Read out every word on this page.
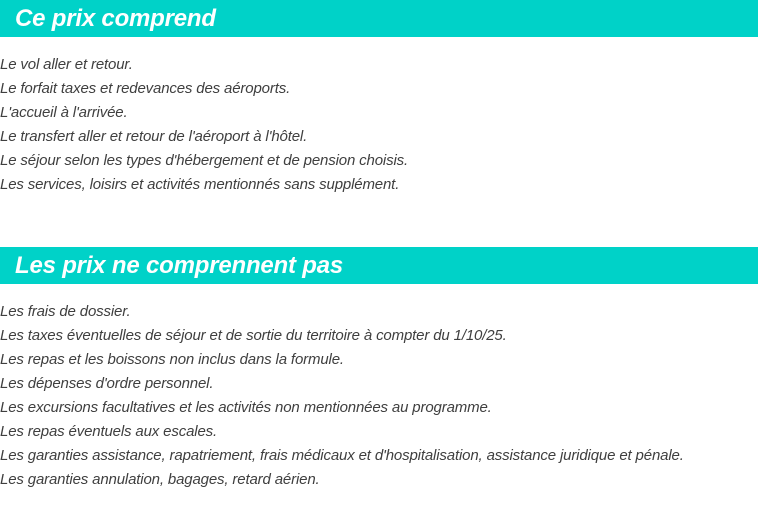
Ce prix comprend
Le vol aller et retour.
Le forfait taxes et redevances des aéroports.
L'accueil à l'arrivée.
Le transfert aller et retour de l'aéroport à l'hôtel.
Le séjour selon les types d'hébergement et de pension choisis.
Les services, loisirs et activités mentionnés sans supplément.
Les prix ne comprennent pas
Les frais de dossier.
Les taxes éventuelles de séjour et de sortie du territoire à compter du 1/10/25.
Les repas et les boissons non inclus dans la formule.
Les dépenses d'ordre personnel.
Les excursions facultatives et les activités non mentionnées au programme.
Les repas éventuels aux escales.
Les garanties assistance, rapatriement, frais médicaux et d'hospitalisation, assistance juridique et pénale.
Les garanties annulation, bagages, retard aérien.
